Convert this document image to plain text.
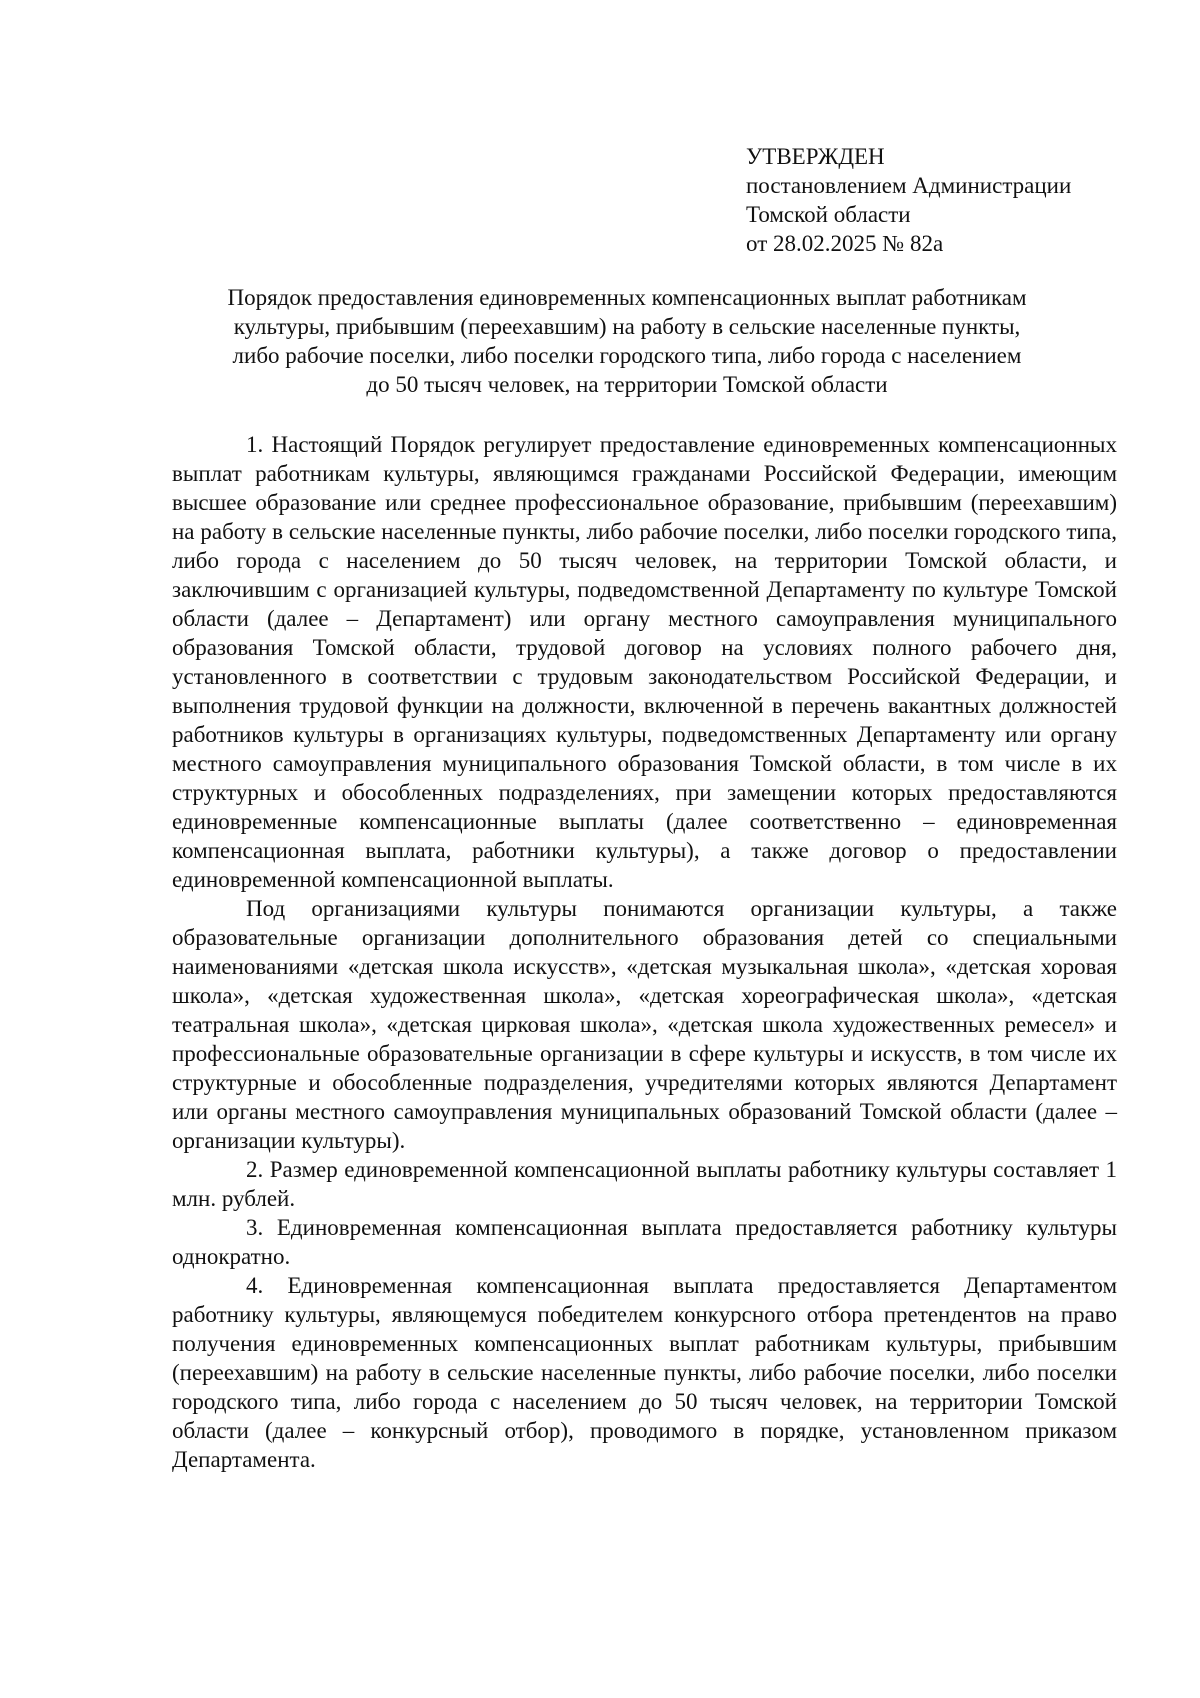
УТВЕРЖДЕН
постановлением Администрации
Томской области
от 28.02.2025 № 82а
Порядок предоставления единовременных компенсационных выплат работникам
культуры, прибывшим (переехавшим) на работу в сельские населенные пункты,
либо рабочие поселки, либо поселки городского типа, либо города с населением
до 50 тысяч человек, на территории Томской области

1. Настоящий Порядок регулирует предоставление единовременных компенсационных выплат работникам культуры, являющимся гражданами Российской Федерации, имеющим высшее образование или среднее профессиональное образование, прибывшим (переехавшим) на работу в сельские населенные пункты, либо рабочие поселки, либо поселки городского типа, либо города с населением до 50 тысяч человек, на территории Томской области, и заключившим с организацией культуры, подведомственной Департаменту по культуре Томской области (далее – Департамент) или органу местного самоуправления муниципального образования Томской области, трудовой договор на условиях полного рабочего дня, установленного в соответствии с трудовым законодательством Российской Федерации, и выполнения трудовой функции на должности, включенной в перечень вакантных должностей работников культуры в организациях культуры, подведомственных Департаменту или органу местного самоуправления муниципального образования Томской области, в том числе в их структурных и обособленных подразделениях, при замещении которых предоставляются единовременные компенсационные выплаты (далее соответственно – единовременная компенсационная выплата, работники культуры), а также договор о предоставлении единовременной компенсационной выплаты.

Под организациями культуры понимаются организации культуры, а также образовательные организации дополнительного образования детей со специальными наименованиями «детская школа искусств», «детская музыкальная школа», «детская хоровая школа», «детская художественная школа», «детская хореографическая школа», «детская театральная школа», «детская цирковая школа», «детская школа художественных ремесел» и профессиональные образовательные организации в сфере культуры и искусств, в том числе их структурные и обособленные подразделения, учредителями которых являются Департамент или органы местного самоуправления муниципальных образований Томской области (далее – организации культуры).

2. Размер единовременной компенсационной выплаты работнику культуры составляет 1 млн. рублей.

3. Единовременная компенсационная выплата предоставляется работнику культуры однократно.

4. Единовременная компенсационная выплата предоставляется Департаментом работнику культуры, являющемуся победителем конкурсного отбора претендентов на право получения единовременных компенсационных выплат работникам культуры, прибывшим (переехавшим) на работу в сельские населенные пункты, либо рабочие поселки, либо поселки городского типа, либо города с населением до 50 тысяч человек, на территории Томской области (далее – конкурсный отбор), проводимого в порядке, установленном приказом Департамента.
